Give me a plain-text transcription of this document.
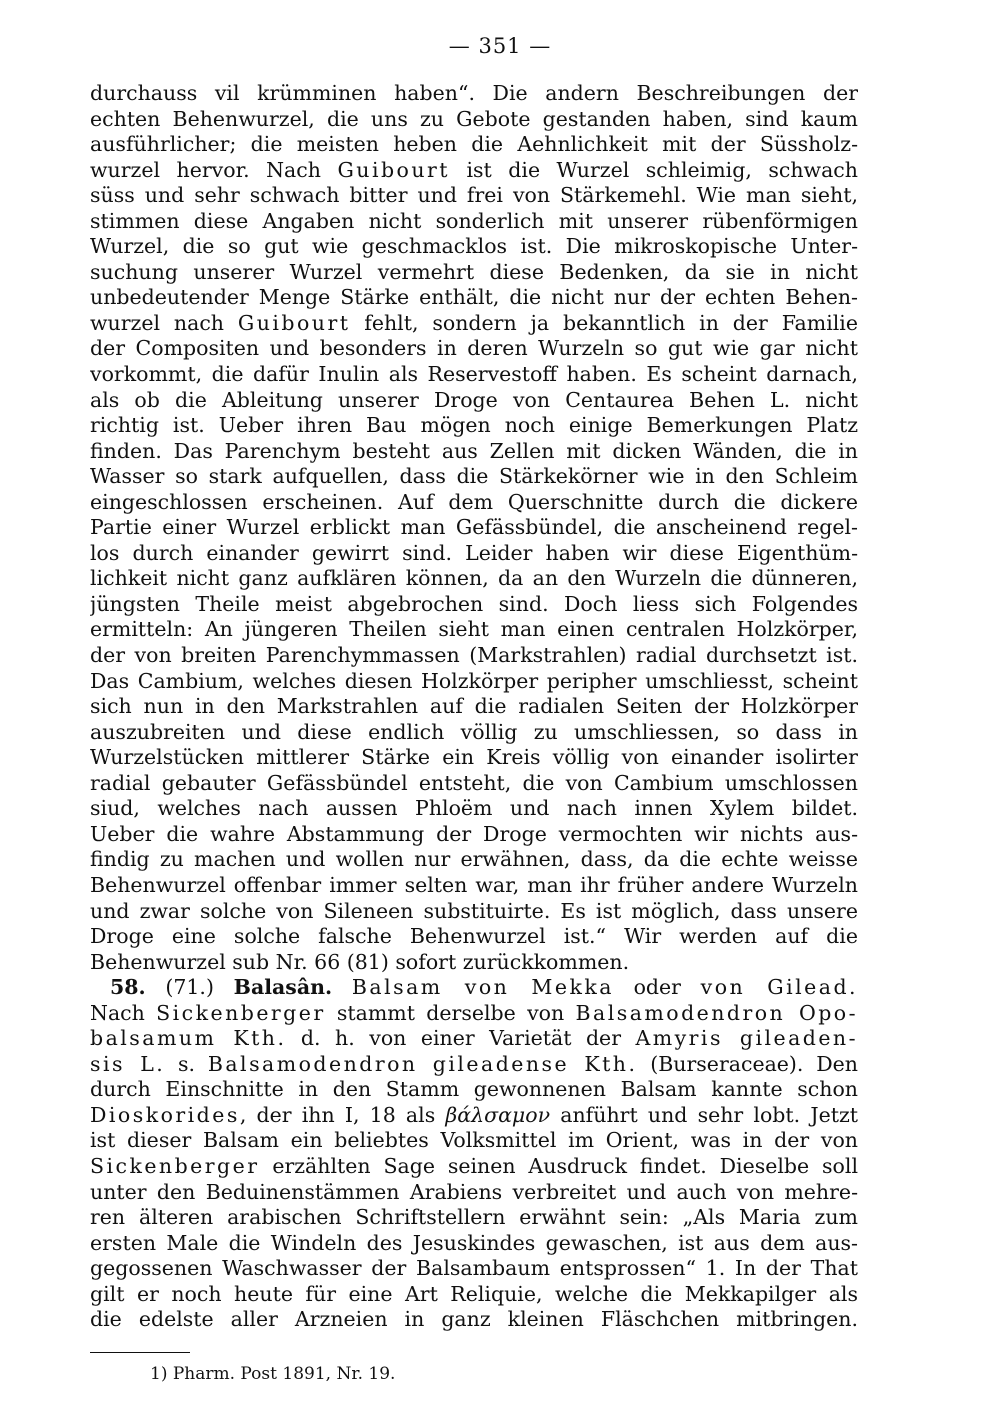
— 351 —
durchauss vil krümminen haben“. Die andern Beschreibungen der
echten Behenwurzel, die uns zu Gebote gestanden haben, sind kaum
ausführlicher; die meisten heben die Aehnlichkeit mit der Süssholz-
wurzel hervor. Nach Guibourt ist die Wurzel schleimig, schwach
süss und sehr schwach bitter und frei von Stärkemehl. Wie man sieht,
stimmen diese Angaben nicht sonderlich mit unserer rübenförmigen
Wurzel, die so gut wie geschmacklos ist. Die mikroskopische Unter-
suchung unserer Wurzel vermehrt diese Bedenken, da sie in nicht
unbedeutender Menge Stärke enthält, die nicht nur der echten Behen-
wurzel nach Guibourt fehlt, sondern ja bekanntlich in der Familie
der Compositen und besonders in deren Wurzeln so gut wie gar nicht
vorkommt, die dafür Inulin als Reservestoff haben. Es scheint darnach,
als ob die Ableitung unserer Droge von Centaurea Behen L. nicht
richtig ist. Ueber ihren Bau mögen noch einige Bemerkungen Platz
finden. Das Parenchym besteht aus Zellen mit dicken Wänden, die in
Wasser so stark aufquellen, dass die Stärkekörner wie in den Schleim
eingeschlossen erscheinen. Auf dem Querschnitte durch die dickere
Partie einer Wurzel erblickt man Gefässbündel, die anscheinend regel-
los durch einander gewirrt sind. Leider haben wir diese Eigenthüm-
lichkeit nicht ganz aufklären können, da an den Wurzeln die dünneren,
jüngsten Theile meist abgebrochen sind. Doch liess sich Folgendes
ermitteln: An jüngeren Theilen sieht man einen centralen Holzkörper,
der von breiten Parenchymmassen (Markstrahlen) radial durchsetzt ist.
Das Cambium, welches diesen Holzkörper peripher umschliesst, scheint
sich nun in den Markstrahlen auf die radialen Seiten der Holzkörper
auszubreiten und diese endlich völlig zu umschliessen, so dass in
Wurzelstücken mittlerer Stärke ein Kreis völlig von einander isolirter
radial gebauter Gefässbündel entsteht, die von Cambium umschlossen
siud, welches nach aussen Phloëm und nach innen Xylem bildet.
Ueber die wahre Abstammung der Droge vermochten wir nichts aus-
findig zu machen und wollen nur erwähnen, dass, da die echte weisse
Behenwurzel offenbar immer selten war, man ihr früher andere Wurzeln
und zwar solche von Sileneen substituirte. Es ist möglich, dass unsere
Droge eine solche falsche Behenwurzel ist.“ Wir werden auf die
Behenwurzel sub Nr. 66 (81) sofort zurückkommen.
58. (71.) Balasân. Balsam von Mekka oder von Gilead.
Nach Sickenberger stammt derselbe von Balsamodendron Opo-
balsamum Kth. d. h. von einer Varietät der Amyris gileaden-
sis L. s. Balsamodendron gileadense Kth. (Burseraceae). Den
durch Einschnitte in den Stamm gewonnenen Balsam kannte schon
Dioskorides, der ihn I, 18 als βάλσαμον anführt und sehr lobt. Jetzt
ist dieser Balsam ein beliebtes Volksmittel im Orient, was in der von
Sickenberger erzählten Sage seinen Ausdruck findet. Dieselbe soll
unter den Beduinenstämmen Arabiens verbreitet und auch von mehre-
ren älteren arabischen Schriftstellern erwähnt sein: „Als Maria zum
ersten Male die Windeln des Jesuskindes gewaschen, ist aus dem aus-
gegossenen Waschwasser der Balsambaum entsprossen“ 1. In der That
gilt er noch heute für eine Art Reliquie, welche die Mekkapilger als
die edelste aller Arzneien in ganz kleinen Fläschchen mitbringen.
1) Pharm. Post 1891, Nr. 19.
